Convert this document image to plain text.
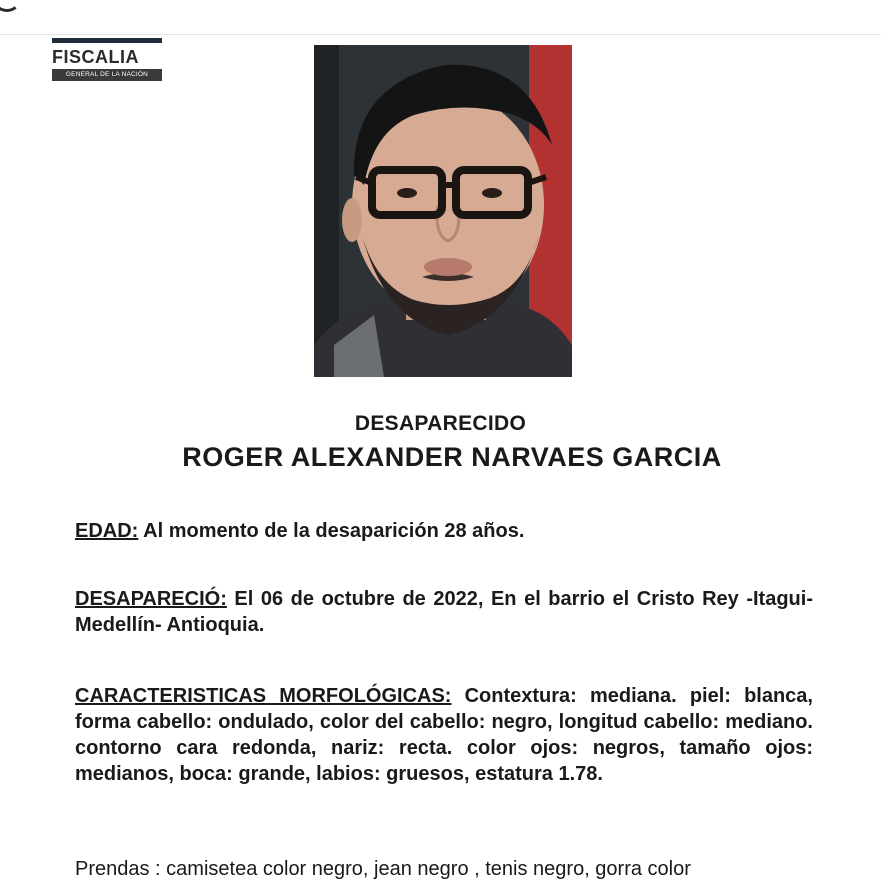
FISCALIA
GENERAL DE LA NACIÓN
DESAPARECIDO
ROGER ALEXANDER NARVAES GARCIA
EDAD: Al momento de la desaparición 28 años.
DESAPARECIÓ: El 06 de octubre de 2022, En el barrio el Cristo Rey -Itagui- Medellín- Antioquia.
CARACTERISTICAS MORFOLÓGICAS: Contextura: mediana. piel: blanca, forma cabello: ondulado, color del cabello: negro, longitud cabello: mediano. contorno cara redonda, nariz: recta. color ojos: negros, tamaño ojos: medianos, boca: grande, labios: gruesos, estatura 1.78.
Prendas : camisetea color negro, jean negro , tenis negro, gorra color
